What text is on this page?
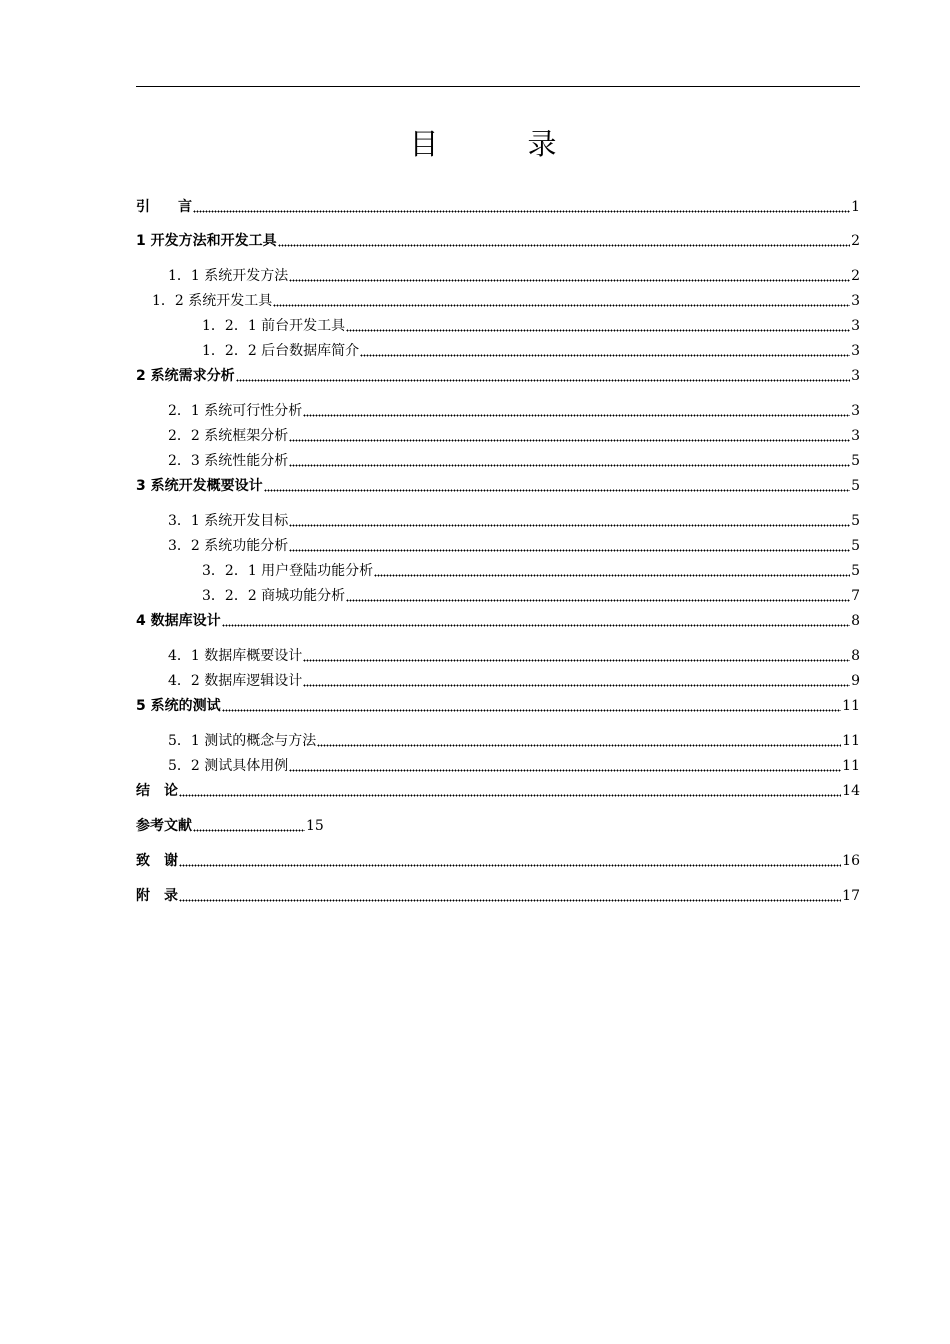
目　录
引　　言	1
1 开发方法和开发工具	2
1．1 系统开发方法	2
1．2 系统开发工具	3
1．2．1 前台开发工具	3
1．2．2 后台数据库简介	3
2 系统需求分析	3
2．1 系统可行性分析	3
2．2 系统框架分析	3
2．3 系统性能分析	5
3 系统开发概要设计	5
3．1 系统开发目标	5
3．2 系统功能分析	5
3．2．1 用户登陆功能分析	5
3．2．2 商城功能分析	7
4 数据库设计	8
4．1 数据库概要设计	8
4．2 数据库逻辑设计	9
5 系统的测试	11
5．1 测试的概念与方法	11
5．2 测试具体用例	11
结　论	14
参考文献	15
致　谢	16
附　录	17
